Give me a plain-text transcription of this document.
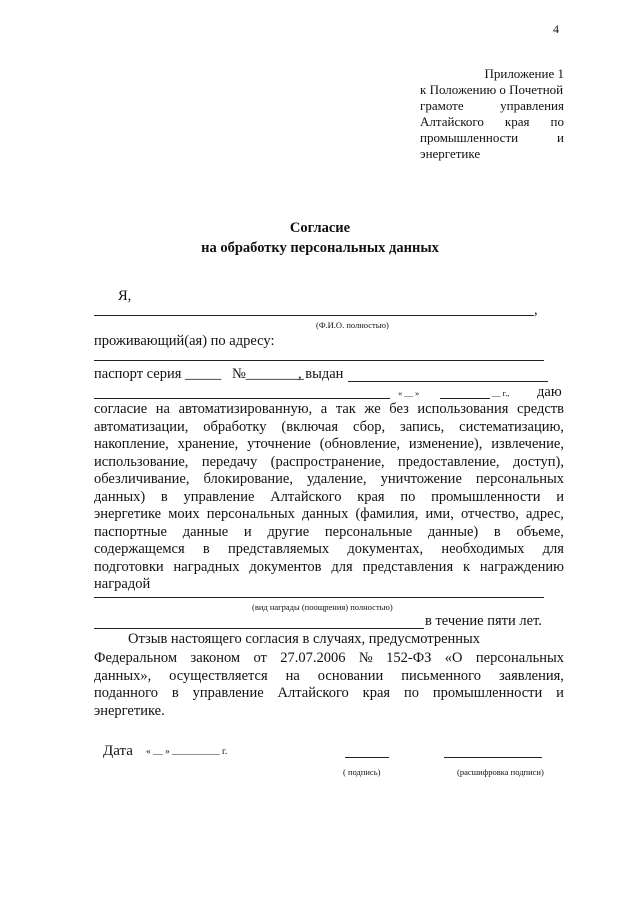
4
Приложение 1
к Положению о Почетной
грамоте	управления
Алтайского края по
промышленности	и
энергетике
Согласие
на обработку персональных данных
Я,
,
(Ф.И.О. полностью)
проживающий(ая) по адресу:
паспорт серия _____ №________
, выдан
« __ »	__ г., даю
согласие на автоматизированную, а так же без использования средств
автоматизации, обработку (включая сбор, запись, систематизацию,
накопление, хранение, уточнение (обновление, изменение), извлечение,
использование, передачу (распространение, предоставление, доступ),
обезличивание, блокирование, удаление, уничтожение персональных
данных) в управление Алтайского края по промышленности и
энергетике моих персональных данных (фамилия, ими, отчество, адрес,
паспортные данные и другие персональные данные) в объеме,
содержащемся в представляемых документах, необходимых для
подготовки наградных документов для представления к награждению
наградой
(вид награды (поощрения) полностью)
в течение пяти лет.
Отзыв настоящего согласия в случаях, предусмотренных
Федеральном законом от 27.07.2006 № 152-ФЗ «О персональных
данных», осуществляется на основании письменного заявления,
поданного в управление Алтайского края по промышленности и
энергетике.
Дата « __ » __________ г.
( подпись)	(расшифровка подписи)
